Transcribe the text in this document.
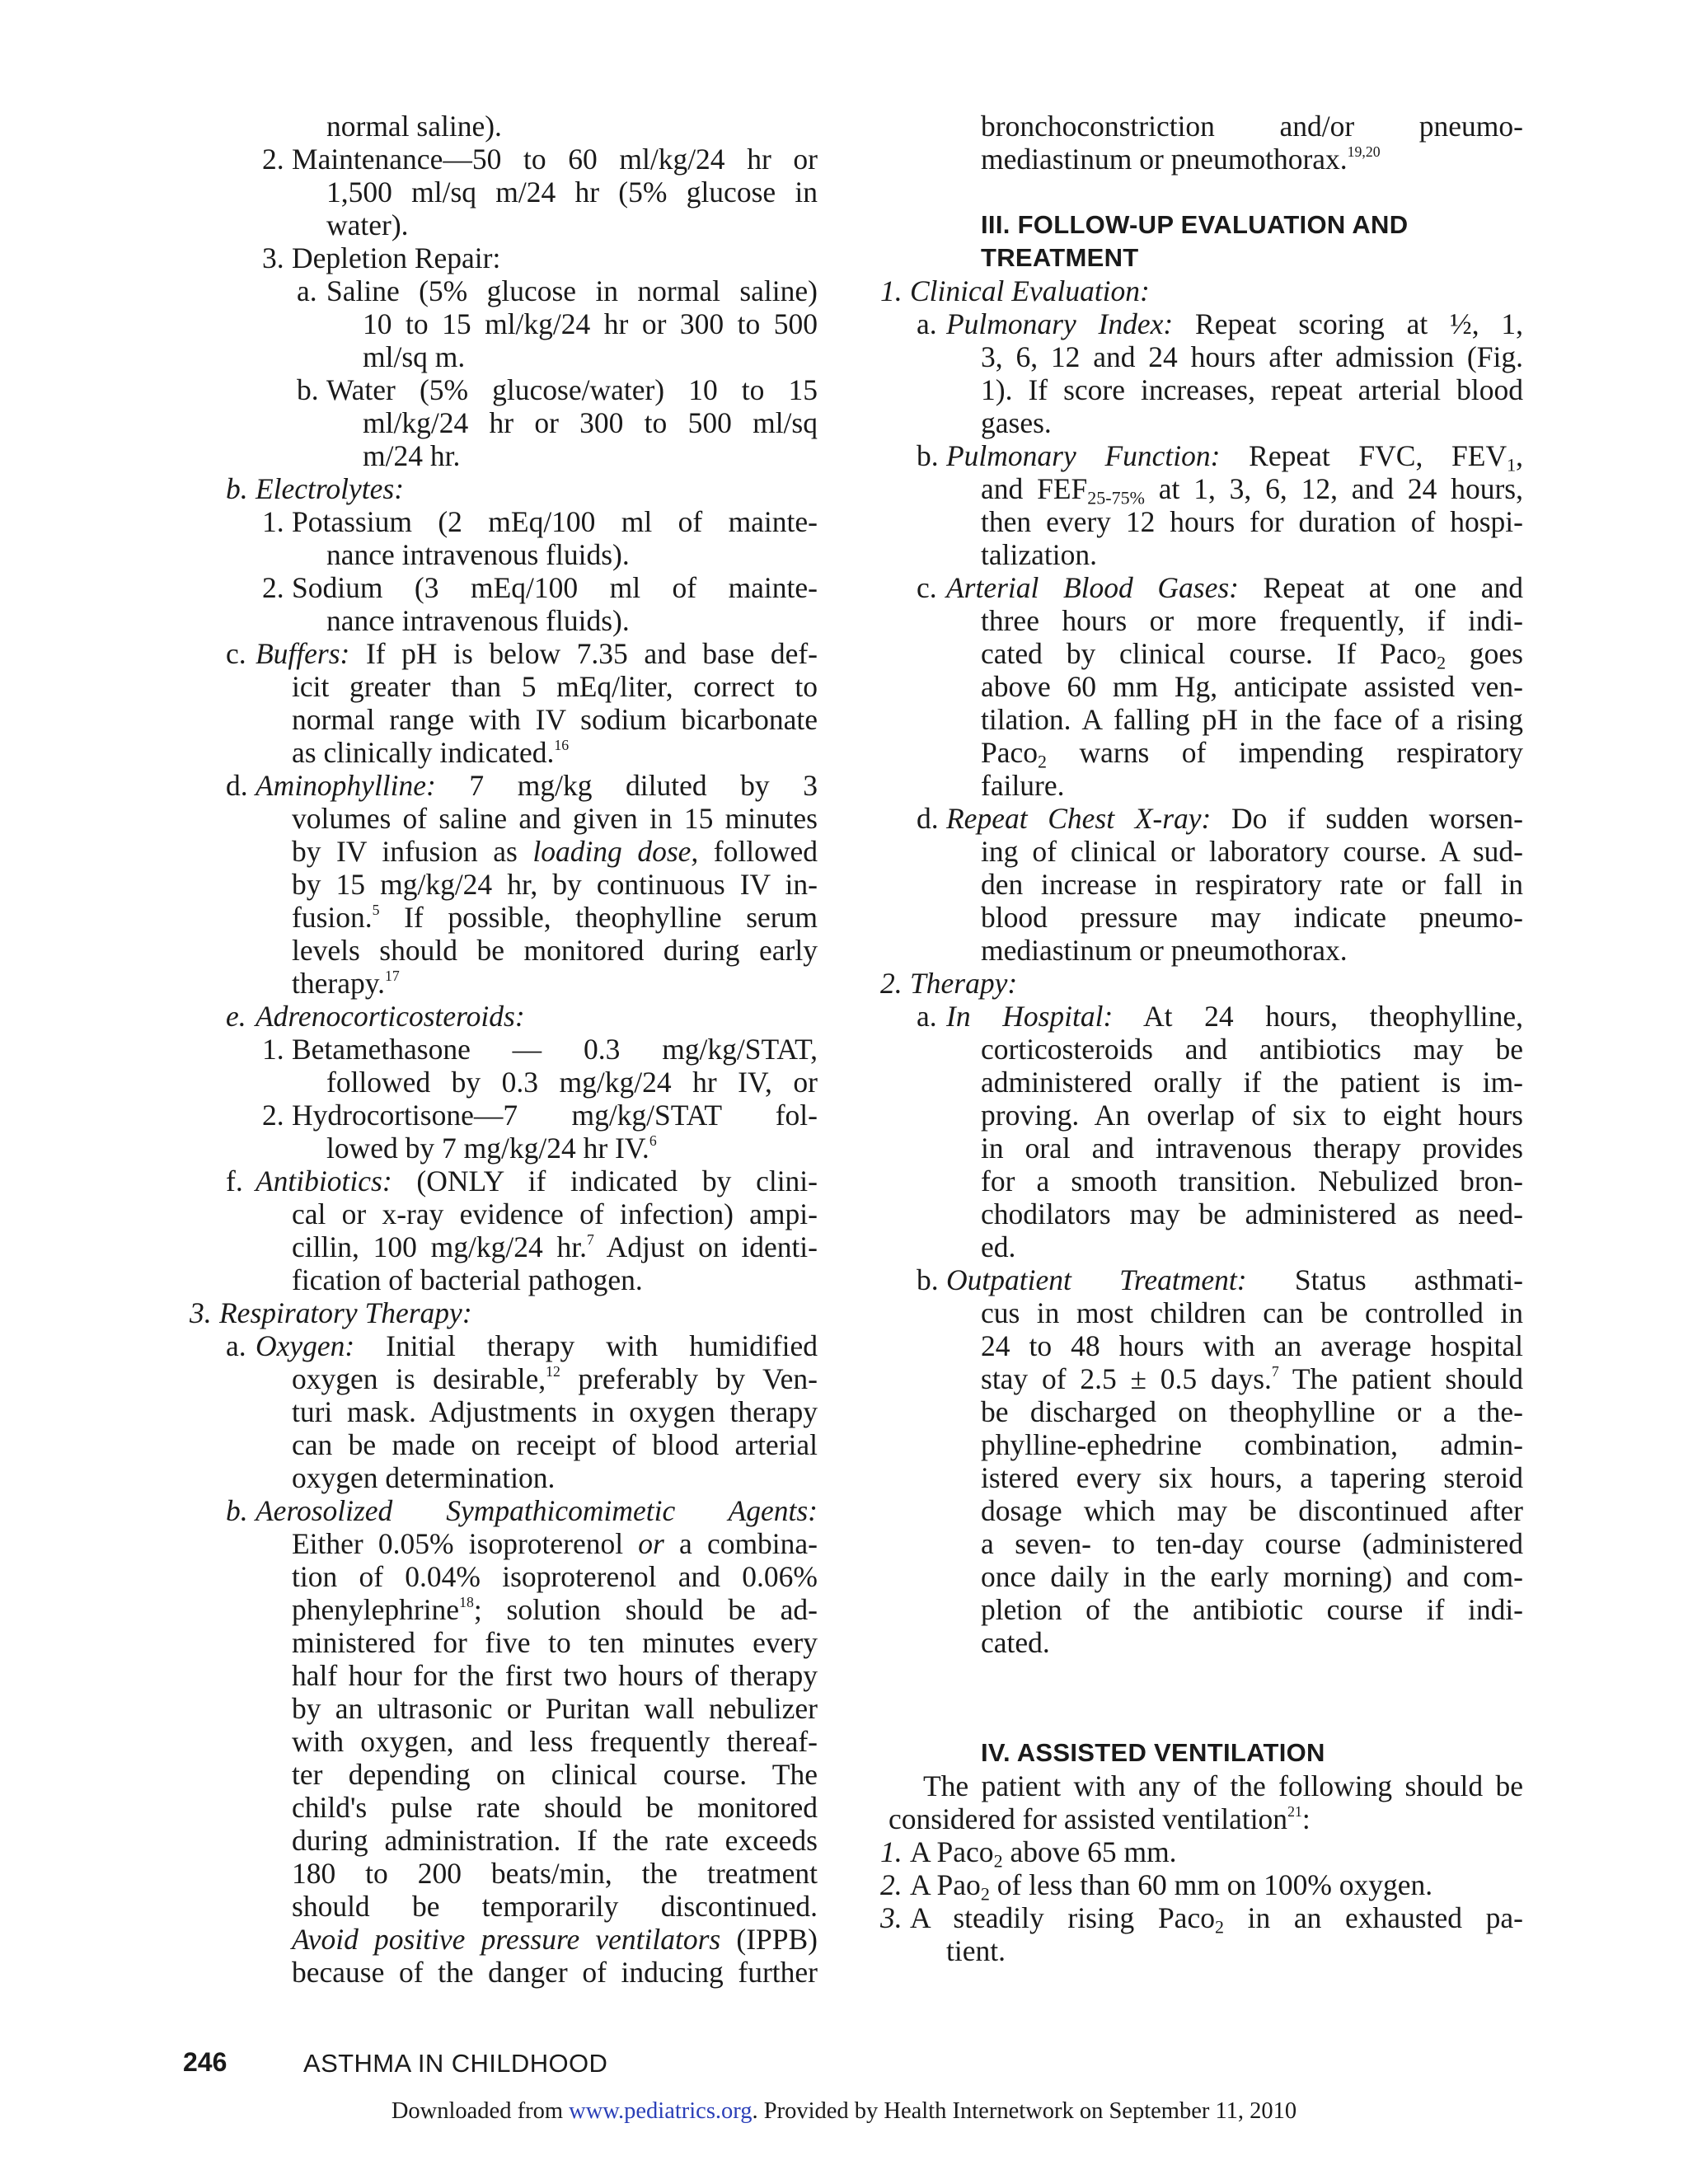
normal saline).
2. Maintenance—50 to 60 ml/kg/24 hr or
1,500 ml/sq m/24 hr (5% glucose in
water).
3. Depletion Repair:
a. Saline (5% glucose in normal saline)
10 to 15 ml/kg/24 hr or 300 to 500
ml/sq m.
b. Water (5% glucose/water) 10 to 15
ml/kg/24 hr or 300 to 500 ml/sq
m/24 hr.
b. Electrolytes:
1. Potassium (2 mEq/100 ml of mainte-
nance intravenous fluids).
2. Sodium (3 mEq/100 ml of mainte-
nance intravenous fluids).
c. Buffers: If pH is below 7.35 and base def-
icit greater than 5 mEq/liter, correct to
normal range with IV sodium bicarbonate
as clinically indicated.$^{16}$
d. Aminophylline: 7 mg/kg diluted by 3
volumes of saline and given in 15 minutes
by IV infusion as loading dose, followed
by 15 mg/kg/24 hr, by continuous IV in-
fusion.$^5$ If possible, theophylline serum
levels should be monitored during early
therapy.$^{17}$
e. Adrenocorticosteroids:
1. Betamethasone — 0.3 mg/kg/STAT,
followed by 0.3 mg/kg/24 hr IV, or
2. Hydrocortisone—7 mg/kg/STAT fol-
lowed by 7 mg/kg/24 hr IV.$^6$
f. Antibiotics: (ONLY if indicated by clini-
cal or x-ray evidence of infection) ampi-
cillin, 100 mg/kg/24 hr.$^7$ Adjust on identi-
fication of bacterial pathogen.
3. Respiratory Therapy:
a. Oxygen: Initial therapy with humidified
oxygen is desirable,$^{12}$ preferably by Ven-
turi mask. Adjustments in oxygen therapy
can be made on receipt of blood arterial
oxygen determination.
b. Aerosolized Sympathicomimetic Agents:
Either 0.05% isoproterenol or a combina-
tion of 0.04% isoproterenol and 0.06%
phenylephrine$^{18}$; solution should be ad-
ministered for five to ten minutes every
half hour for the first two hours of therapy
by an ultrasonic or Puritan wall nebulizer
with oxygen, and less frequently thereaf-
ter depending on clinical course. The
child's pulse rate should be monitored
during administration. If the rate exceeds
180 to 200 beats/min, the treatment
should be temporarily discontinued.
Avoid positive pressure ventilators (IPPB)
because of the danger of inducing further
bronchoconstriction and/or pneumo-
mediastinum or pneumothorax.$^{19,20}$
III. FOLLOW-UP EVALUATION AND
TREATMENT
1. Clinical Evaluation:
a. Pulmonary Index: Repeat scoring at ½, 1,
3, 6, 12 and 24 hours after admission (Fig.
1). If score increases, repeat arterial blood
gases.
b. Pulmonary Function: Repeat FVC, $FEV_1$,
and $FEF_{25-75\%}$ at 1, 3, 6, 12, and 24 hours,
then every 12 hours for duration of hospi-
talization.
c. Arterial Blood Gases: Repeat at one and
three hours or more frequently, if indi-
cated by clinical course. If Paco$_2$ goes
above 60 mm Hg, anticipate assisted ven-
tilation. A falling pH in the face of a rising
Paco$_2$ warns of impending respiratory
failure.
d. Repeat Chest X-ray: Do if sudden worsen-
ing of clinical or laboratory course. A sud-
den increase in respiratory rate or fall in
blood pressure may indicate pneumo-
mediastinum or pneumothorax.
2. Therapy:
a. In Hospital: At 24 hours, theophylline,
corticosteroids and antibiotics may be
administered orally if the patient is im-
proving. An overlap of six to eight hours
in oral and intravenous therapy provides
for a smooth transition. Nebulized bron-
chodilators may be administered as need-
ed.
b. Outpatient Treatment: Status asthmati-
cus in most children can be controlled in
24 to 48 hours with an average hospital
stay of 2.5 ± 0.5 days.$^7$ The patient should
be discharged on theophylline or a the-
phylline-ephedrine combination, admin-
istered every six hours, a tapering steroid
dosage which may be discontinued after
a seven- to ten-day course (administered
once daily in the early morning) and com-
pletion of the antibiotic course if indi-
cated.
IV. ASSISTED VENTILATION
The patient with any of the following should be
considered for assisted ventilation$^{21}$:
1. A Paco$_2$ above 65 mm.
2. A Pao$_2$ of less than 60 mm on 100% oxygen.
3. A steadily rising Paco$_2$ in an exhausted pa-
tient.
246	ASTHMA IN CHILDHOOD
Downloaded from www.pediatrics.org. Provided by Health Internetwork on September 11, 2010
